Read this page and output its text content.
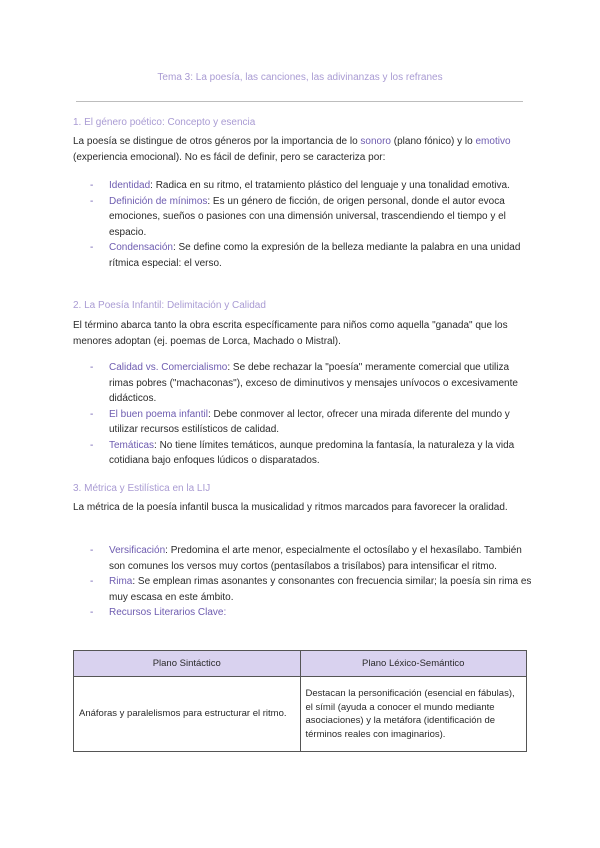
Tema 3: La poesía, las canciones, las adivinanzas y los refranes
1. El género poético: Concepto y esencia
La poesía se distingue de otros géneros por la importancia de lo sonoro (plano fónico) y lo emotivo (experiencia emocional). No es fácil de definir, pero se caracteriza por:
- Identidad: Radica en su ritmo, el tratamiento plástico del lenguaje y una tonalidad emotiva.
- Definición de mínimos: Es un género de ficción, de origen personal, donde el autor evoca emociones, sueños o pasiones con una dimensión universal, trascendiendo el tiempo y el espacio.
- Condensación: Se define como la expresión de la belleza mediante la palabra en una unidad rítmica especial: el verso.
2. La Poesía Infantil: Delimitación y Calidad
El término abarca tanto la obra escrita específicamente para niños como aquella "ganada" que los menores adoptan (ej. poemas de Lorca, Machado o Mistral).
- Calidad vs. Comercialismo: Se debe rechazar la "poesía" meramente comercial que utiliza rimas pobres ("machaconas"), exceso de diminutivos y mensajes unívocos o excesivamente didácticos.
- El buen poema infantil: Debe conmover al lector, ofrecer una mirada diferente del mundo y utilizar recursos estilísticos de calidad.
- Temáticas: No tiene límites temáticos, aunque predomina la fantasía, la naturaleza y la vida cotidiana bajo enfoques lúdicos o disparatados.
3. Métrica y Estilística en la LIJ
La métrica de la poesía infantil busca la musicalidad y ritmos marcados para favorecer la oralidad.
- Versificación: Predomina el arte menor, especialmente el octosílabo y el hexasílabo. También son comunes los versos muy cortos (pentasílabos a trisílabos) para intensificar el ritmo.
- Rima: Se emplean rimas asonantes y consonantes con frecuencia similar; la poesía sin rima es muy escasa en este ámbito.
- Recursos Literarios Clave:
Plano Sintáctico	Plano Léxico-Semántico
Anáforas y paralelismos para estructurar el ritmo.	Destacan la personificación (esencial en fábulas), el símil (ayuda a conocer el mundo mediante asociaciones) y la metáfora (identificación de términos reales con imaginarios).
